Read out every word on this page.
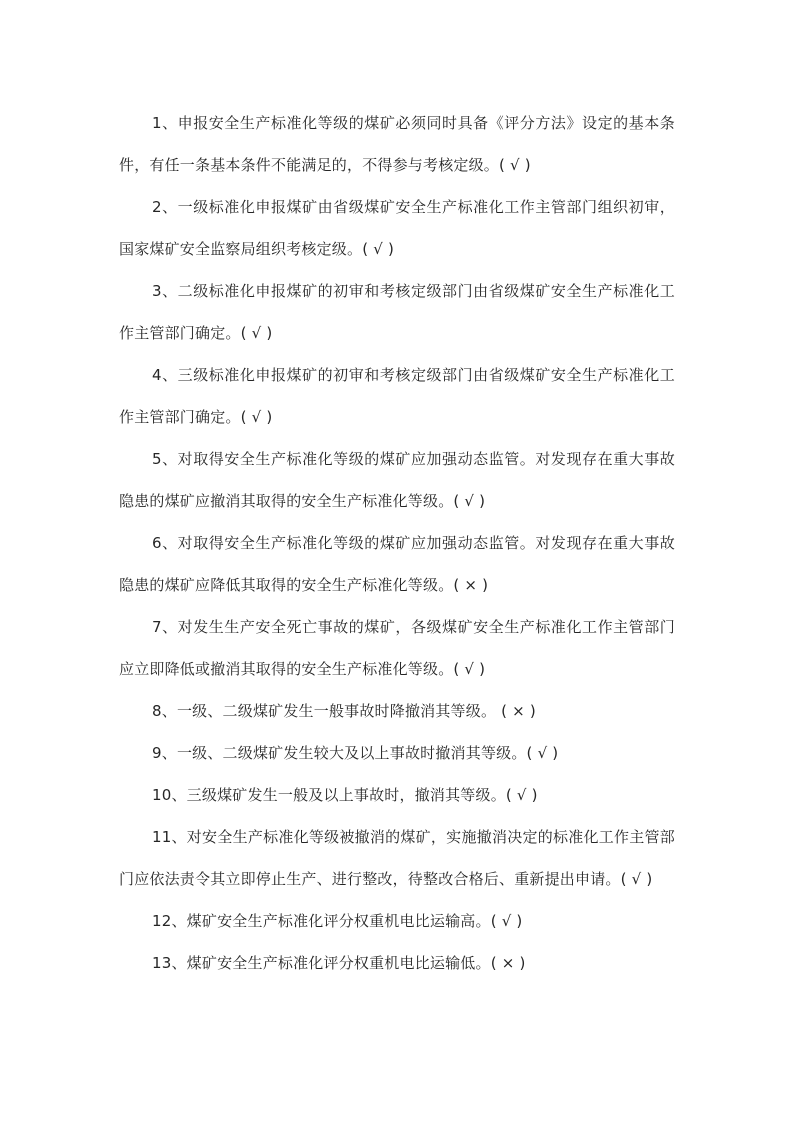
1、申报安全生产标准化等级的煤矿必须同时具备《评分方法》设定的基本条件，有任一条基本条件不能满足的，不得参与考核定级。( √ )

2、一级标准化申报煤矿由省级煤矿安全生产标准化工作主管部门组织初审，国家煤矿安全监察局组织考核定级。( √ )

3、二级标准化申报煤矿的初审和考核定级部门由省级煤矿安全生产标准化工作主管部门确定。( √ )

4、三级标准化申报煤矿的初审和考核定级部门由省级煤矿安全生产标准化工作主管部门确定。( √ )

5、对取得安全生产标准化等级的煤矿应加强动态监管。对发现存在重大事故隐患的煤矿应撤消其取得的安全生产标准化等级。( √ )

6、对取得安全生产标准化等级的煤矿应加强动态监管。对发现存在重大事故隐患的煤矿应降低其取得的安全生产标准化等级。( × )

7、对发生生产安全死亡事故的煤矿，各级煤矿安全生产标准化工作主管部门应立即降低或撤消其取得的安全生产标准化等级。( √ )

8、一级、二级煤矿发生一般事故时降撤消其等级。 ( × )

9、一级、二级煤矿发生较大及以上事故时撤消其等级。( √ )

10、三级煤矿发生一般及以上事故时，撤消其等级。( √ )

11、对安全生产标准化等级被撤消的煤矿，实施撤消决定的标准化工作主管部门应依法责令其立即停止生产、进行整改，待整改合格后、重新提出申请。( √ )

12、煤矿安全生产标准化评分权重机电比运输高。( √ )

13、煤矿安全生产标准化评分权重机电比运输低。( × )
